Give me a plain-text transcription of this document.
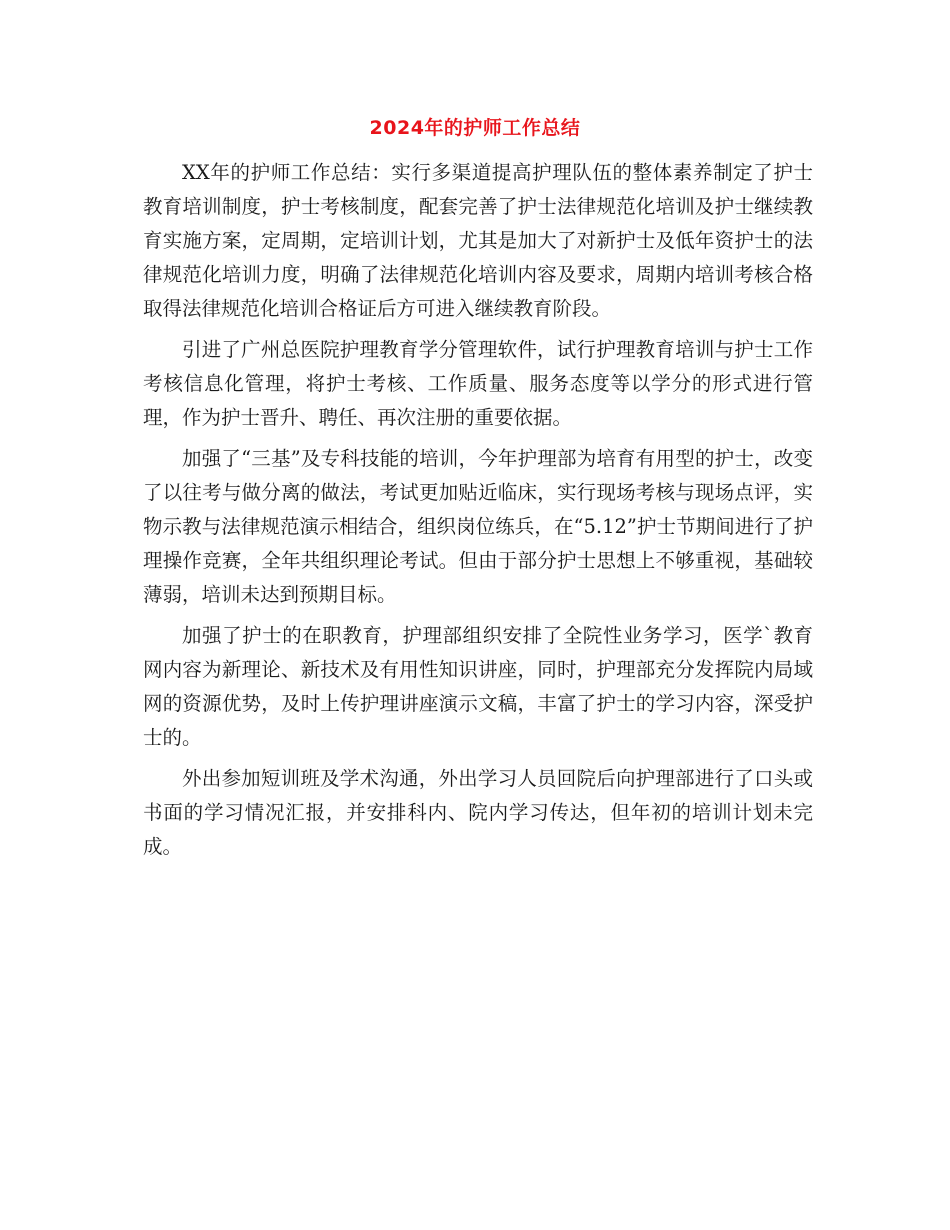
2024年的护师工作总结

XX年的护师工作总结：实行多渠道提高护理队伍的整体素养制定了护士教育培训制度，护士考核制度，配套完善了护士法律规范化培训及护士继续教育实施方案，定周期，定培训计划，尤其是加大了对新护士及低年资护士的法律规范化培训力度，明确了法律规范化培训内容及要求，周期内培训考核合格取得法律规范化培训合格证后方可进入继续教育阶段。

引进了广州总医院护理教育学分管理软件，试行护理教育培训与护士工作考核信息化管理，将护士考核、工作质量、服务态度等以学分的形式进行管理，作为护士晋升、聘任、再次注册的重要依据。

加强了“三基”及专科技能的培训，今年护理部为培育有用型的护士，改变了以往考与做分离的做法，考试更加贴近临床，实行现场考核与现场点评，实物示教与法律规范演示相结合，组织岗位练兵，在“5.12”护士节期间进行了护理操作竞赛，全年共组织理论考试。但由于部分护士思想上不够重视，基础较薄弱，培训未达到预期目标。

加强了护士的在职教育，护理部组织安排了全院性业务学习，医学`教育网内容为新理论、新技术及有用性知识讲座，同时，护理部充分发挥院内局域网的资源优势，及时上传护理讲座演示文稿，丰富了护士的学习内容，深受护士的。

外出参加短训班及学术沟通，外出学习人员回院后向护理部进行了口头或书面的学习情况汇报，并安排科内、院内学习传达，但年初的培训计划未完成。
